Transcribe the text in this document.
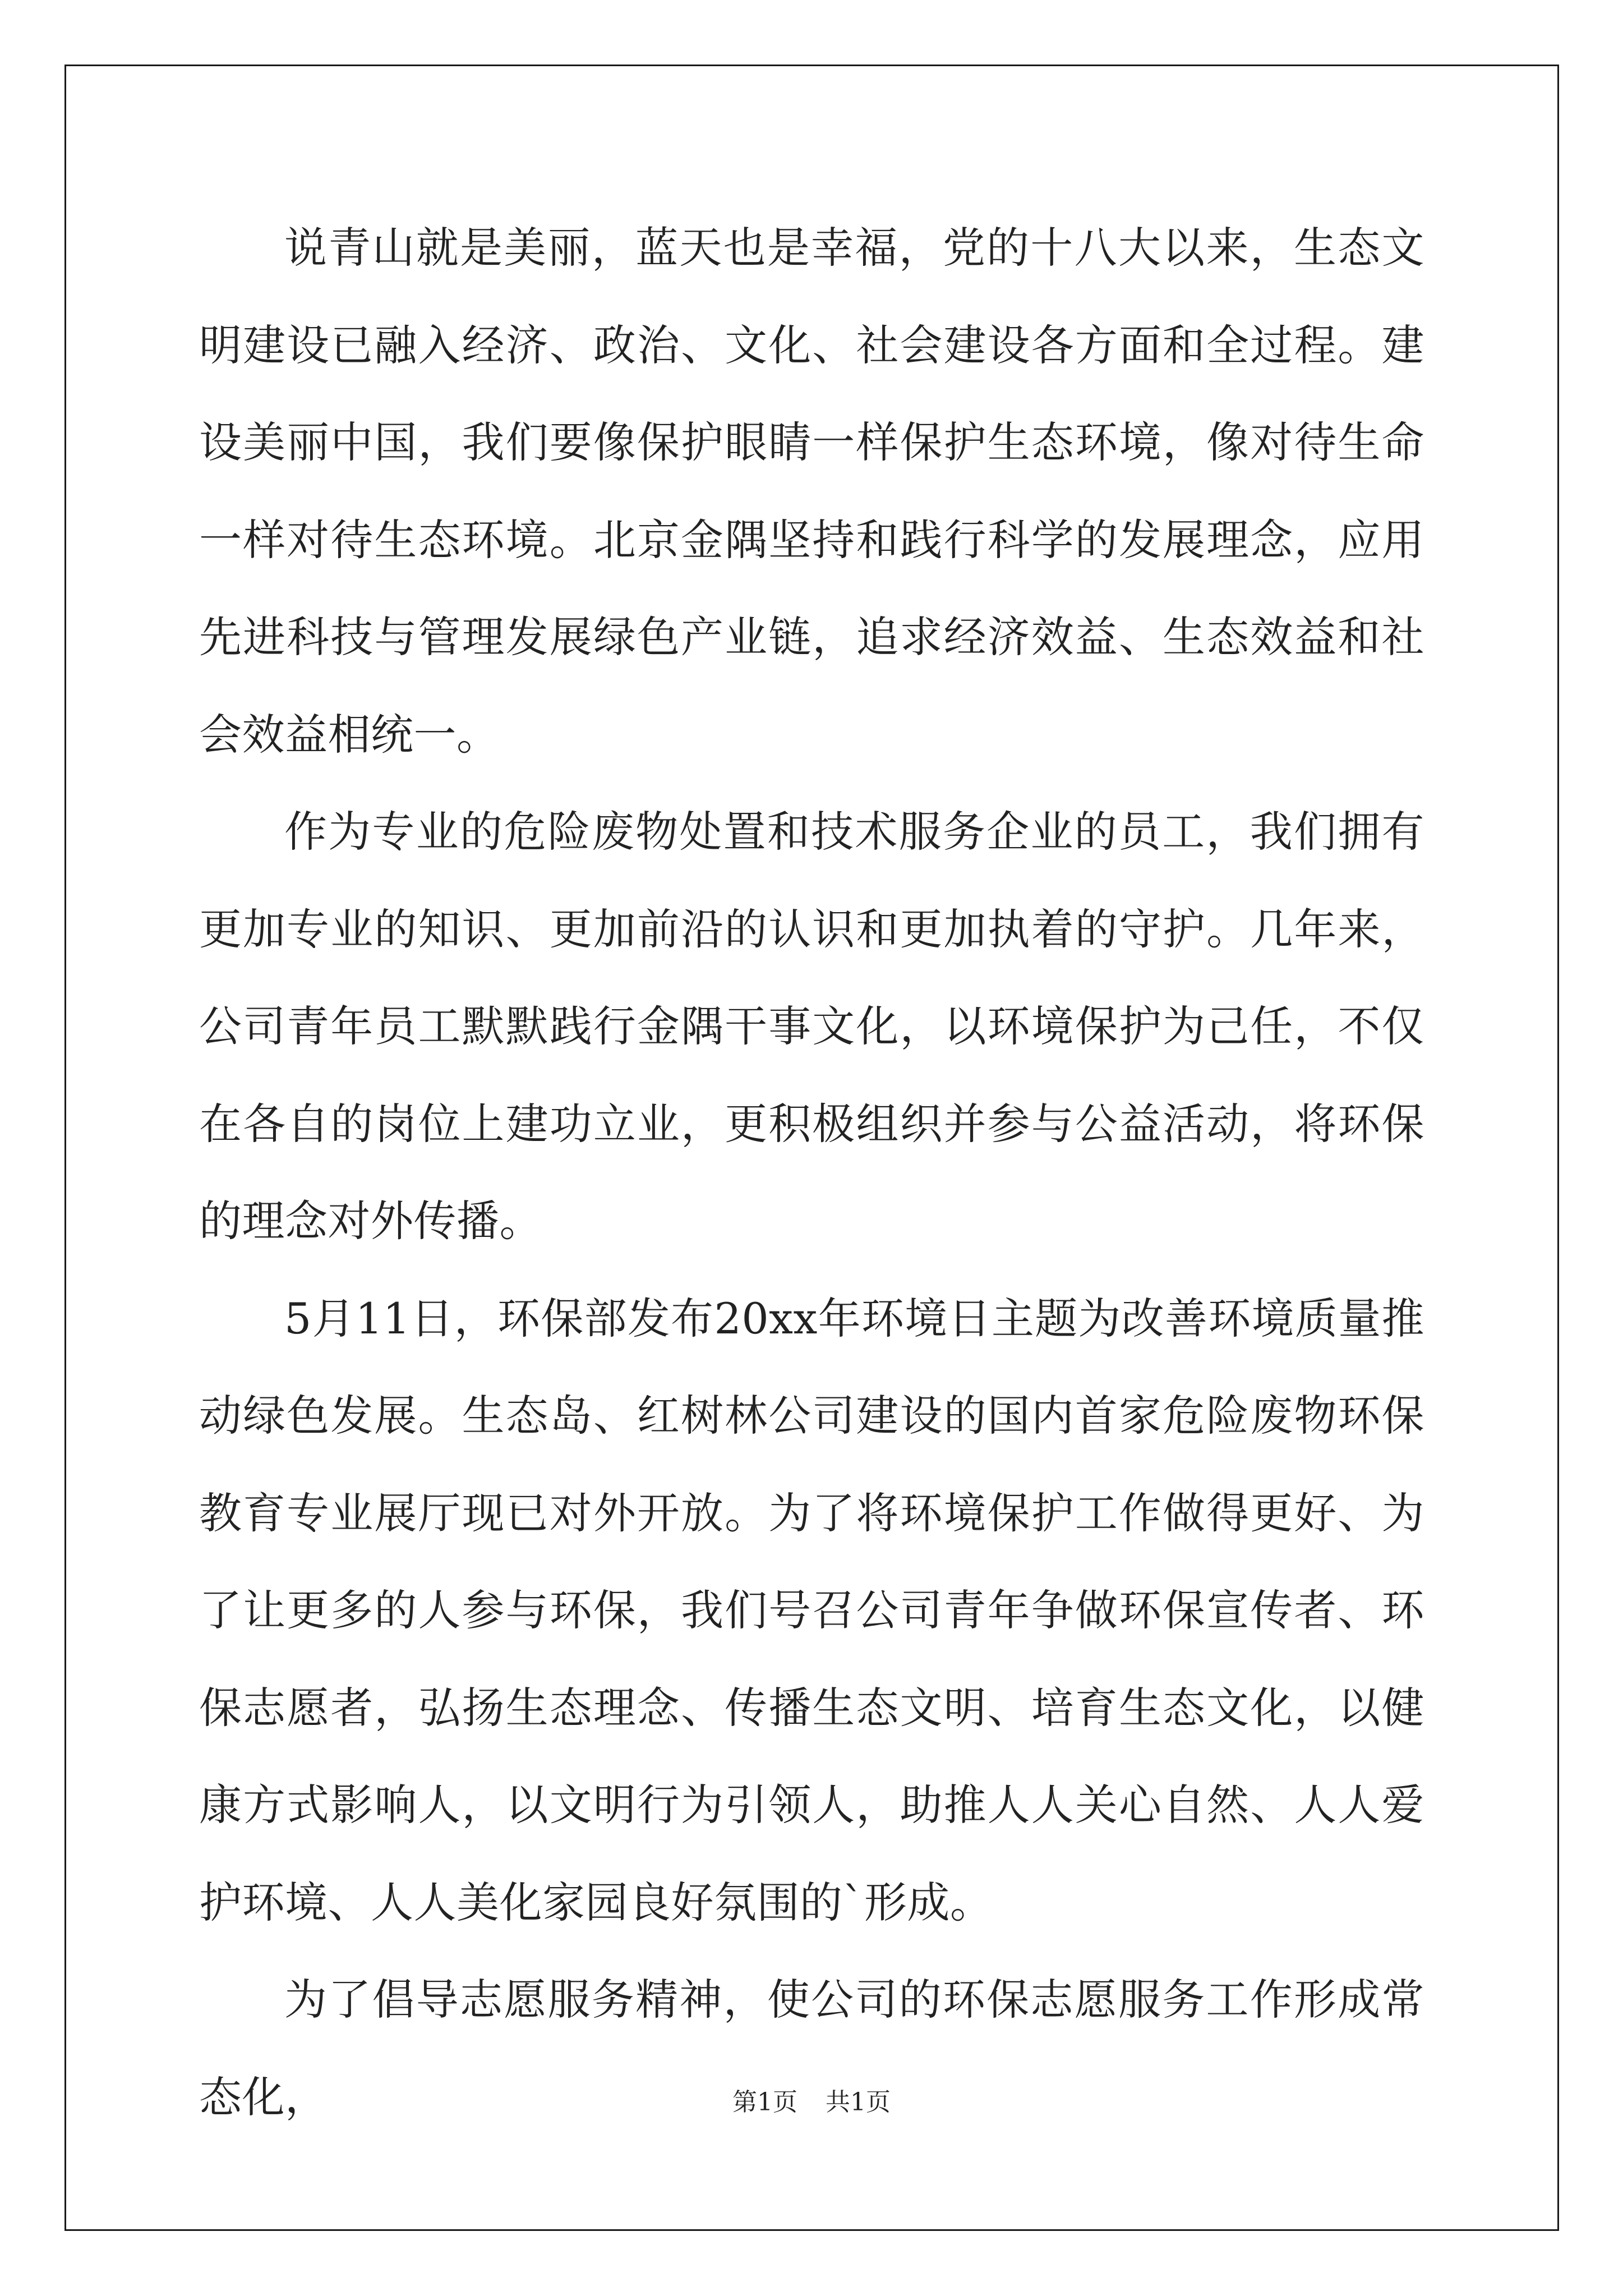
说青山就是美丽，蓝天也是幸福，党的十八大以来，生态文明建设已融入经济、政治、文化、社会建设各方面和全过程。建设美丽中国，我们要像保护眼睛一样保护生态环境，像对待生命一样对待生态环境。北京金隅坚持和践行科学的发展理念，应用先进科技与管理发展绿色产业链，追求经济效益、生态效益和社会效益相统一。

作为专业的危险废物处置和技术服务企业的员工，我们拥有更加专业的知识、更加前沿的认识和更加执着的守护。几年来，公司青年员工默默践行金隅干事文化，以环境保护为己任，不仅在各自的岗位上建功立业，更积极组织并参与公益活动，将环保的理念对外传播。

5月11日，环保部发布20xx年环境日主题为改善环境质量推动绿色发展。生态岛、红树林公司建设的国内首家危险废物环保教育专业展厅现已对外开放。为了将环境保护工作做得更好、为了让更多的人参与环保，我们号召公司青年争做环保宣传者、环保志愿者，弘扬生态理念、传播生态文明、培育生态文化，以健康方式影响人，以文明行为引领人，助推人人关心自然、人人爱护环境、人人美化家园良好氛围的`形成。

为了倡导志愿服务精神，使公司的环保志愿服务工作形成常态化，	第1页 共1页
